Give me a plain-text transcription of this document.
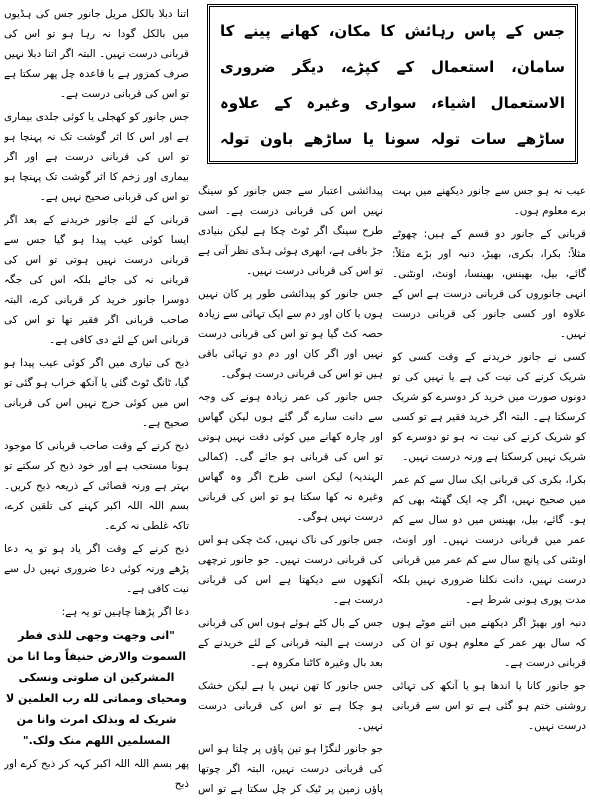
جس کے پاس رہائش کا مکان، کھانے پینے کا سامان، استعمال کے کپڑے، دیگر ضروری الاستعمال اشیاء، سواری وغیرہ کے علاوہ ساڑھے سات تولہ سونا یا ساڑھے باون تولہ

عیب نہ ہو جس سے جانور دیکھنے میں بہت برے معلوم ہوں۔

قربانی کے جانور دو قسم کے ہیں: چھوٹے مثلاً: بکرا، بکری، بھیڑ، دنبہ اور بڑے مثلاً: گائے، بیل، بھینس، بھینسا، اونٹ، اونٹنی۔ انہی جانوروں کی قربانی درست ہے اس کے علاوہ اور کسی جانور کی قربانی درست نہیں۔

کسی نے جانور خریدنے کے وقت کسی کو شریک کرنے کی نیت کی ہے یا نہیں کی تو دونوں صورت میں خرید کر دوسرے کو شریک کرسکتا ہے۔ البتہ اگر خرید فقیر ہے تو کسی کو شریک کرنے کی نیت نہ ہو تو دوسرے کو شریک نہیں کرسکتا ہے ورنہ درست نہیں۔

بکرا، بکری کی قربانی ایک سال سے کم عمر میں صحیح نہیں، اگر چہ ایک گھنٹہ بھی کم ہو۔ گائے، بیل، بھینس میں دو سال سے کم عمر میں قربانی درست نہیں۔ اور اونٹ، اونٹنی کی پانچ سال سے کم عمر میں قربانی درست نہیں، دانت نکلنا ضروری نہیں بلکہ مدت پوری ہونی شرط ہے۔

دنبہ اور بھیڑ اگر دیکھنے میں اتنے موٹے ہوں کہ سال بھر عمر کے معلوم ہوں تو ان کی قربانی درست ہے۔

جو جانور کانا یا اندھا ہو یا آنکھ کی تہائی روشنی ختم ہو گئی ہے تو اس سے قربانی درست نہیں۔

پیدائشی اعتبار سے جس جانور کو سینگ نہیں اس کی قربانی درست ہے۔ اسی طرح سینگ اگر ٹوٹ چکا ہے لیکن بنیادی جڑ باقی ہے، ابھری ہوئی ہڈی نظر آتی ہے تو اس کی قربانی درست نہیں۔

جس جانور کو پیدائشی طور پر کان نہیں ہوں یا کان اور دم سے ایک تہائی سے زیادہ حصہ کٹ گیا ہو تو اس کی قربانی درست نہیں اور اگر کان اور دم دو تہائی باقی ہیں تو اس کی قربانی درست ہوگی۔

جس جانور کی عمر زیادہ ہونے کی وجہ سے دانت سارے گر گئے ہوں لیکن گھاس اور چارہ کھانے میں کوئی دقت نہیں ہوتی تو اس کی قربانی ہو جائے گی۔ (کمالی الہندیہ) لیکن اسی طرح اگر وہ گھاس وغیرہ نہ کھا سکتا ہو تو اس کی قربانی درست نہیں ہوگی۔

جس جانور کی ناک نہیں، کٹ چکی ہو اس کی قربانی درست نہیں۔ جو جانور ترچھی آنکھوں سے دیکھتا ہے اس کی قربانی درست ہے۔

جس کے بال کٹے ہوئے ہوں اس کی قربانی درست ہے البتہ قربانی کے لئے خریدنے کے بعد بال وغیرہ کاٹنا مکروہ ہے۔

جس جانور کا تھن نہیں یا ہے لیکن خشک ہو چکا ہے تو اس کی قربانی درست نہیں۔

جو جانور لنگڑا ہو تین پاؤں پر چلتا ہو اس کی قربانی درست نہیں، البتہ اگر چوتھا پاؤں زمین پر ٹیک کر چل سکتا ہے تو اس

اتنا دبلا بالکل مریل جانور جس کی ہڈیوں میں بالکل گودا نہ رہا ہو تو اس کی قربانی درست نہیں۔ البتہ اگر اتنا دبلا نہیں صرف کمزور ہے یا قاعدہ چل پھر سکتا ہے تو اس کی قربانی درست ہے۔

جس جانور کو کھجلی یا کوئی جلدی بیماری ہے اور اس کا اثر گوشت تک نہ پہنچا ہو تو اس کی قربانی درست ہے اور اگر بیماری اور زخم کا اثر گوشت تک پہنچا ہو تو اس کی قربانی صحیح نہیں ہے۔

قربانی کے لئے جانور خریدنے کے بعد اگر ایسا کوئی عیب پیدا ہو گیا جس سے قربانی درست نہیں ہوتی تو اس کی قربانی نہ کی جائے بلکہ اس کی جگہ دوسرا جانور خرید کر قربانی کرے، البتہ صاحب قربانی اگر فقیر تھا تو اس کی قربانی اس کے لئے دی کافی ہے۔

ذبح کی تیاری میں اگر کوئی عیب پیدا ہو گیا، ٹانگ ٹوٹ گئی یا آنکھ خراب ہو گئی تو اس میں کوئی حرج نہیں اس کی قربانی صحیح ہے۔

ذبح کرنے کے وقت صاحب قربانی کا موجود ہونا مستحب ہے اور خود ذبح کر سکتے تو بہتر ہے ورنہ قصائی کے ذریعہ ذبح کریں۔ بسم اللہ اللہ اکبر کہنے کی تلقین کرے، تاکہ غلطی نہ کرے۔

ذبح کرنے کے وقت اگر یاد ہو تو یہ دعا پڑھے ورنہ کوئی دعا ضروری نہیں دل سے نیت کافی ہے۔

دعا اگر پڑھنا چاہیں تو یہ ہے:

"انی وجهت وجهی للذی فطر السموت والارض حنیفاً وما انا من المشرکین ان صلوتی ونسکی ومحیای ومماتی لله رب العلمین لا شریک له وبذلک امرت وانا من المسلمین اللهم منک ولک."

پھر بسم اللہ اللہ اکبر کہہ کر ذبح کرے اور ذبح
